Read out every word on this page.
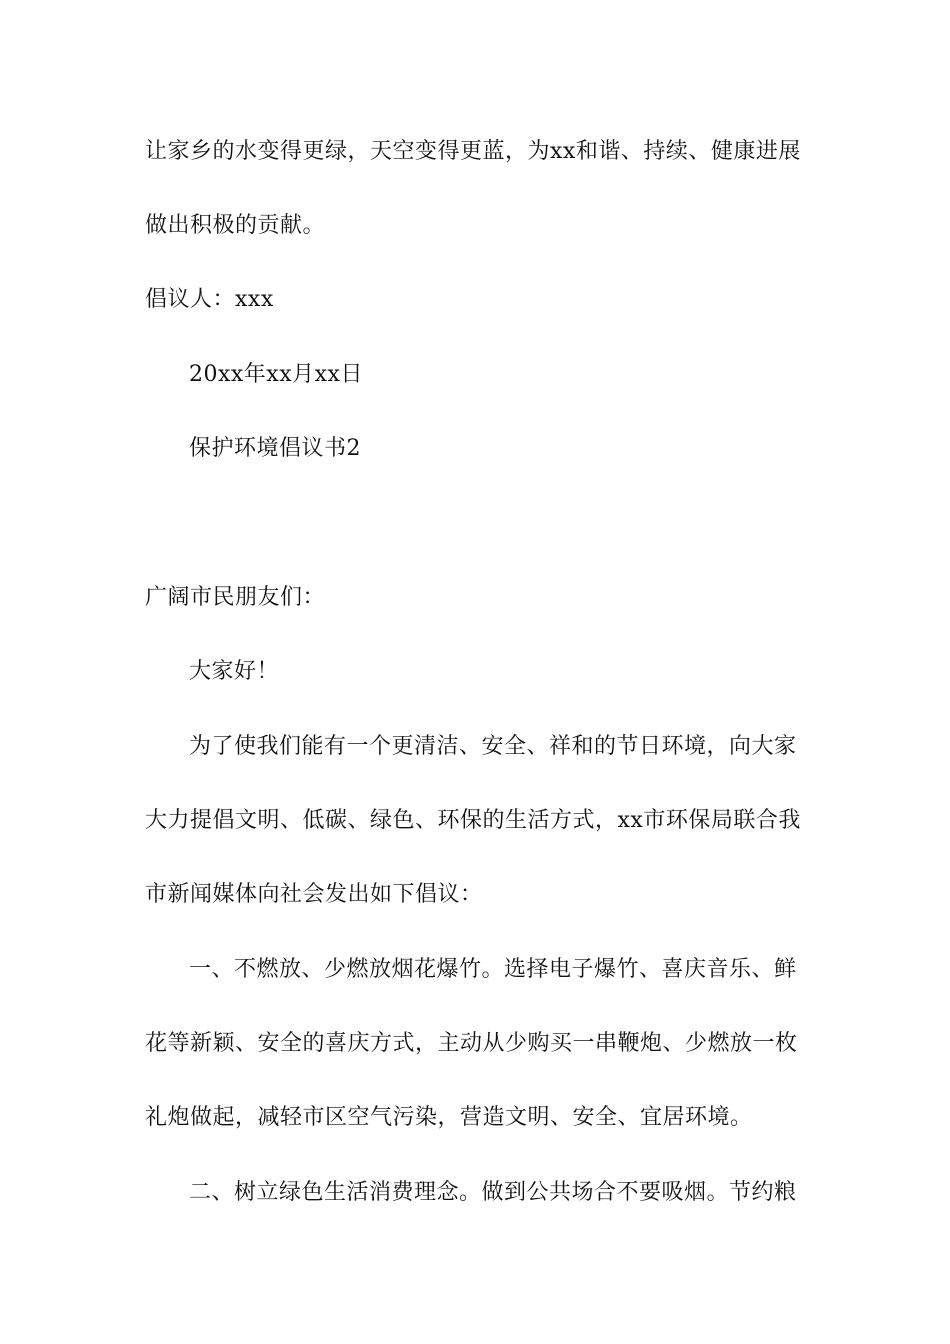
让家乡的水变得更绿，天空变得更蓝，为xx和谐、持续、健康进展
做出积极的贡献。
倡议人：xxx
20xx年xx月xx日
保护环境倡议书2
广阔市民朋友们：
大家好！
为了使我们能有一个更清洁、安全、祥和的节日环境，向大家
大力提倡文明、低碳、绿色、环保的生活方式，xx市环保局联合我
市新闻媒体向社会发出如下倡议：
一、不燃放、少燃放烟花爆竹。选择电子爆竹、喜庆音乐、鲜
花等新颖、安全的喜庆方式，主动从少购买一串鞭炮、少燃放一枚
礼炮做起，减轻市区空气污染，营造文明、安全、宜居环境。
二、树立绿色生活消费理念。做到公共场合不要吸烟。节约粮
